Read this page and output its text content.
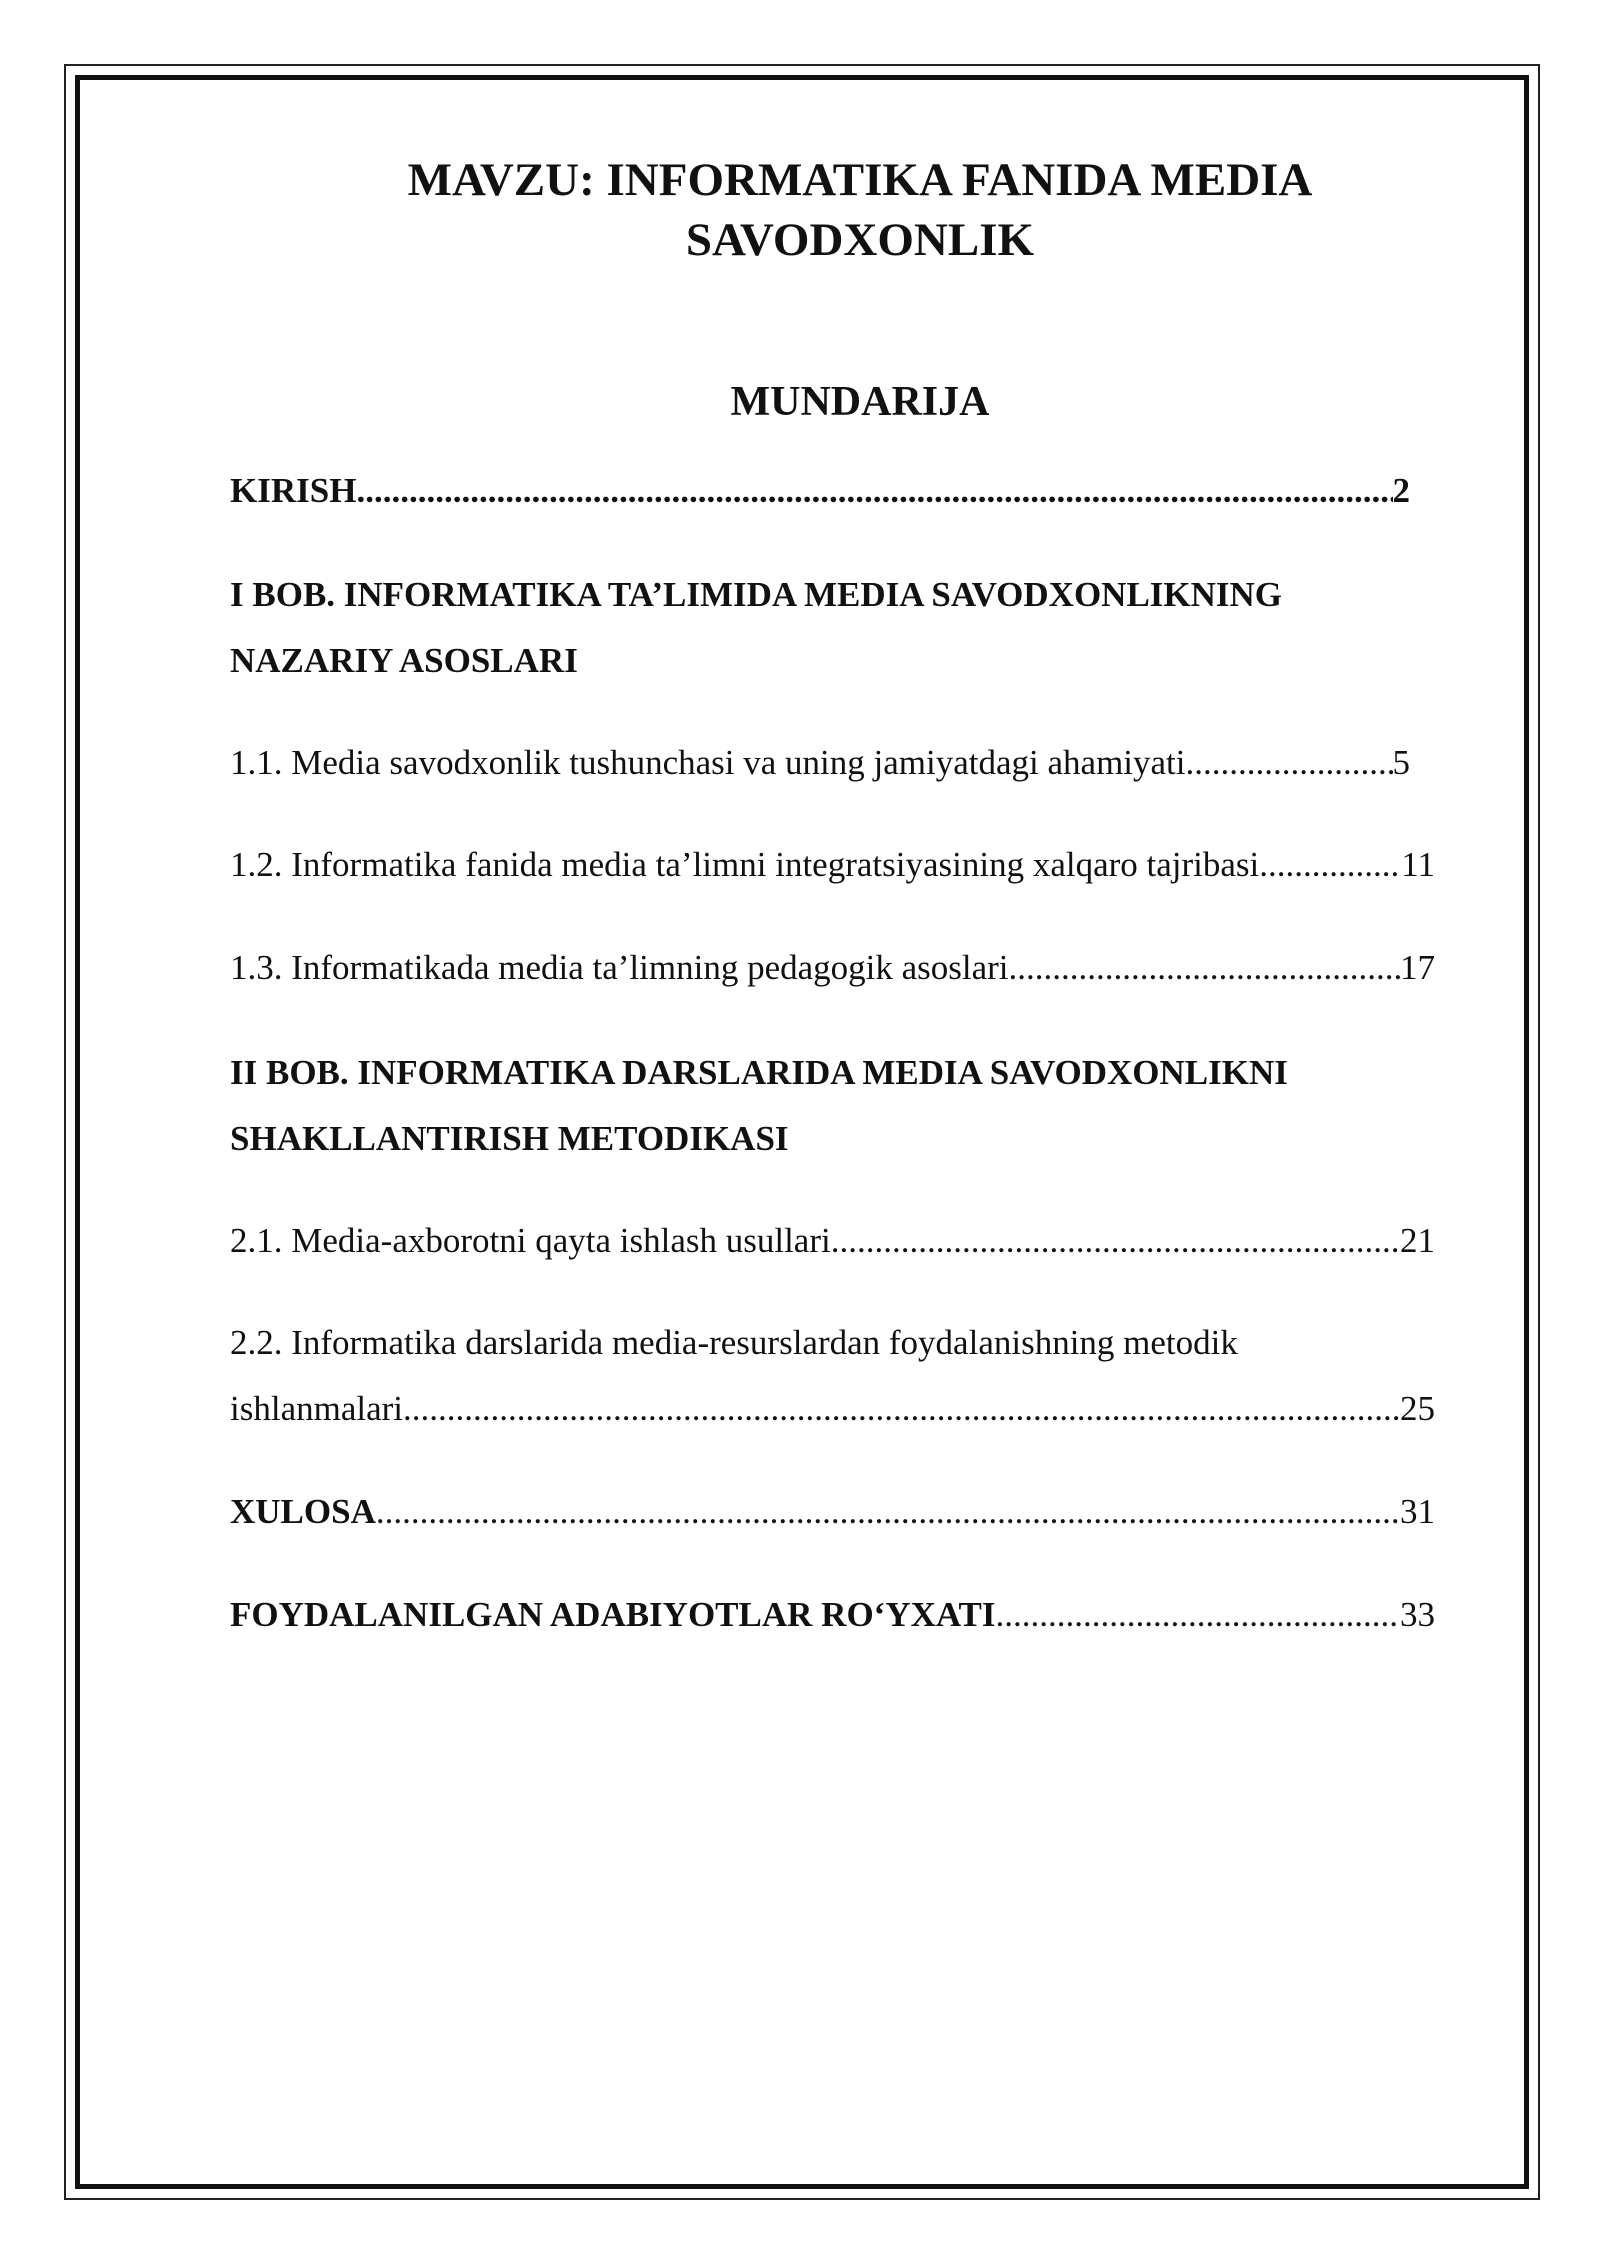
MAVZU: INFORMATIKA FANIDA MEDIA
SAVODXONLIK
MUNDARIJA
KIRISH .....	2
I BOB. INFORMATIKA TA’LIMIDA MEDIA SAVODXONLIKNING
NAZARIY ASOSLARI
1.1. Media savodxonlik tushunchasi va uning jamiyatdagi ahamiyati .....	5
1.2. Informatika fanida media ta’limni integratsiyasining xalqaro tajribasi .....	11
1.3. Informatikada media ta’limning pedagogik asoslari .....	17
II BOB. INFORMATIKA DARSLARIDA MEDIA SAVODXONLIKNI
SHAKLLANTIRISH METODIKASI
2.1. Media-axborotni qayta ishlash usullari .....	21
2.2. Informatika darslarida media-resurslardan foydalanishning metodik
ishlanmalari .....	25
XULOSA .....	31
FOYDALANILGAN ADABIYOTLAR RO‘YXATI .....	33
